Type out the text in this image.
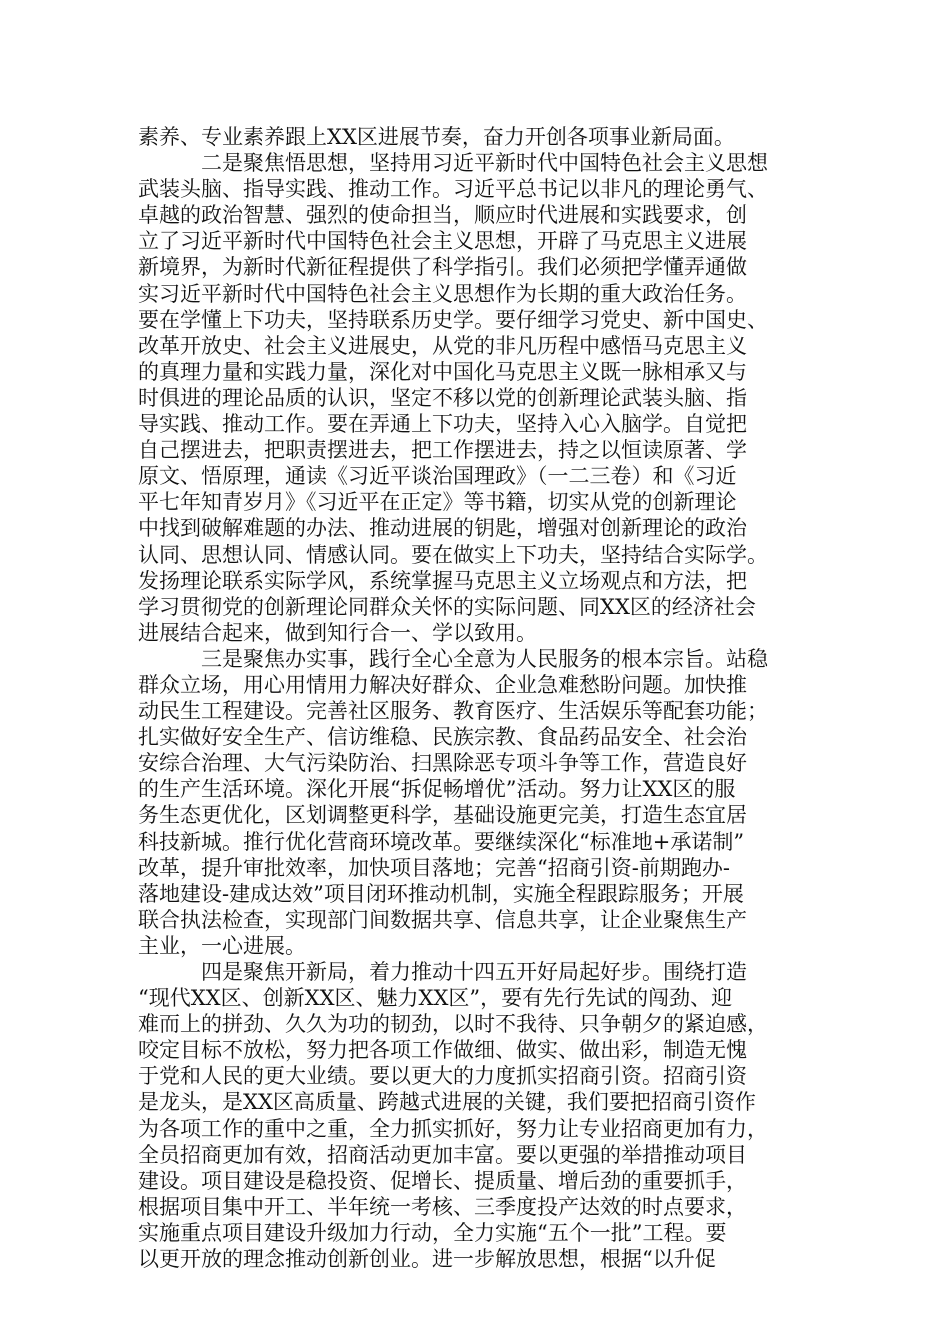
素养、专业素养跟上XX区进展节奏，奋力开创各项事业新局面。
二是聚焦悟思想，坚持用习近平新时代中国特色社会主义思想
武装头脑、指导实践、推动工作。习近平总书记以非凡的理论勇气、
卓越的政治智慧、强烈的使命担当，顺应时代进展和实践要求，创
立了习近平新时代中国特色社会主义思想，开辟了马克思主义进展
新境界，为新时代新征程提供了科学指引。我们必须把学懂弄通做
实习近平新时代中国特色社会主义思想作为长期的重大政治任务。
要在学懂上下功夫，坚持联系历史学。要仔细学习党史、新中国史、
改革开放史、社会主义进展史，从党的非凡历程中感悟马克思主义
的真理力量和实践力量，深化对中国化马克思主义既一脉相承又与
时俱进的理论品质的认识，坚定不移以党的创新理论武装头脑、指
导实践、推动工作。要在弄通上下功夫，坚持入心入脑学。自觉把
自己摆进去，把职责摆进去，把工作摆进去，持之以恒读原著、学
原文、悟原理，通读《习近平谈治国理政》（一二三卷）和《习近
平七年知青岁月》《习近平在正定》等书籍，切实从党的创新理论
中找到破解难题的办法、推动进展的钥匙，增强对创新理论的政治
认同、思想认同、情感认同。要在做实上下功夫，坚持结合实际学。
发扬理论联系实际学风，系统掌握马克思主义立场观点和方法，把
学习贯彻党的创新理论同群众关怀的实际问题、同XX区的经济社会
进展结合起来，做到知行合一、学以致用。
三是聚焦办实事，践行全心全意为人民服务的根本宗旨。站稳
群众立场，用心用情用力解决好群众、企业急难愁盼问题。加快推
动民生工程建设。完善社区服务、教育医疗、生活娱乐等配套功能；
扎实做好安全生产、信访维稳、民族宗教、食品药品安全、社会治
安综合治理、大气污染防治、扫黑除恶专项斗争等工作，营造良好
的生产生活环境。深化开展“拆促畅增优”活动。努力让XX区的服
务生态更优化，区划调整更科学，基础设施更完美，打造生态宜居
科技新城。推行优化营商环境改革。要继续深化“标准地+承诺制”
改革，提升审批效率，加快项目落地；完善“招商引资-前期跑办-
落地建设-建成达效”项目闭环推动机制，实施全程跟踪服务；开展
联合执法检查，实现部门间数据共享、信息共享，让企业聚焦生产
主业，一心进展。
四是聚焦开新局，着力推动十四五开好局起好步。围绕打造
“现代XX区、创新XX区、魅力XX区”，要有先行先试的闯劲、迎
难而上的拼劲、久久为功的韧劲，以时不我待、只争朝夕的紧迫感，
咬定目标不放松，努力把各项工作做细、做实、做出彩，制造无愧
于党和人民的更大业绩。要以更大的力度抓实招商引资。招商引资
是龙头，是XX区高质量、跨越式进展的关键，我们要把招商引资作
为各项工作的重中之重，全力抓实抓好，努力让专业招商更加有力，
全员招商更加有效，招商活动更加丰富。要以更强的举措推动项目
建设。项目建设是稳投资、促增长、提质量、增后劲的重要抓手，
根据项目集中开工、半年统一考核、三季度投产达效的时点要求，
实施重点项目建设升级加力行动，全力实施“五个一批”工程。要
以更开放的理念推动创新创业。进一步解放思想，根据“以升促
